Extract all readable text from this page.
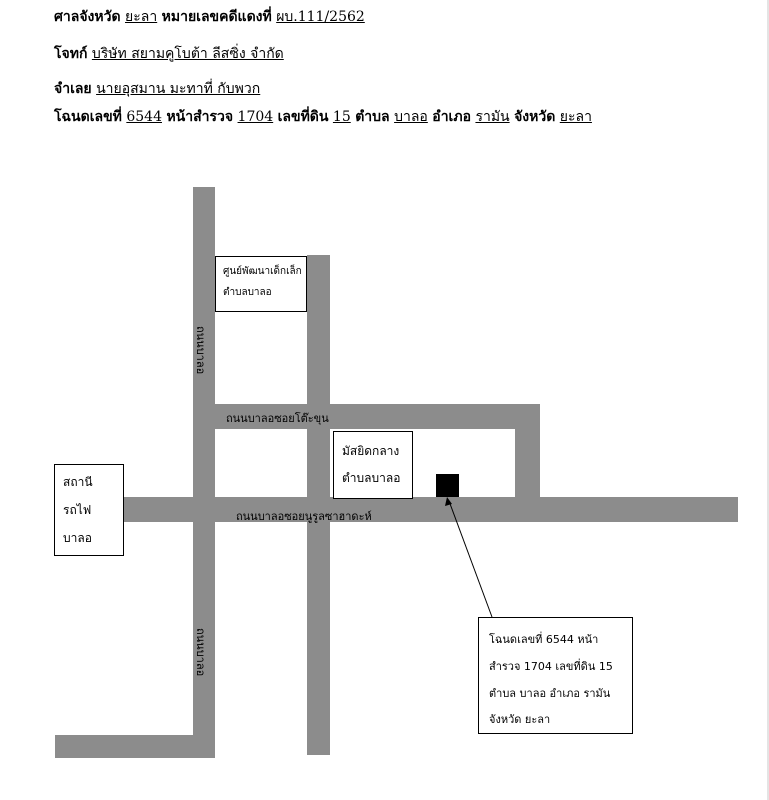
ศาลจังหวัด ยะลา หมายเลขคดีแดงที่ ผบ.111/2562
โจทก์ บริษัท สยามคูโบต้า ลีสซิ่ง จำกัด
จำเลย นายอุสมาน มะทาที่ กับพวก
โฉนดเลขที่ 6544 หน้าสำรวจ 1704 เลขที่ดิน 15 ตำบล บาลอ อำเภอ รามัน จังหวัด ยะลา
ถนนบาลอ
ถนนบาลอ
ถนนบาลอซอยโต๊ะขุน
ถนนบาลอซอยนูรูลซาฮาดะห์
ศูนย์พัฒนาเด็กเล็ก
ตำบลบาลอ
มัสยิดกลาง
ตำบลบาลอ
สถานี
รถไฟ
บาลอ
โฉนดเลขที่ 6544 หน้า
สำรวจ 1704 เลขที่ดิน 15
ตำบล บาลอ อำเภอ รามัน
จังหวัด ยะลา
